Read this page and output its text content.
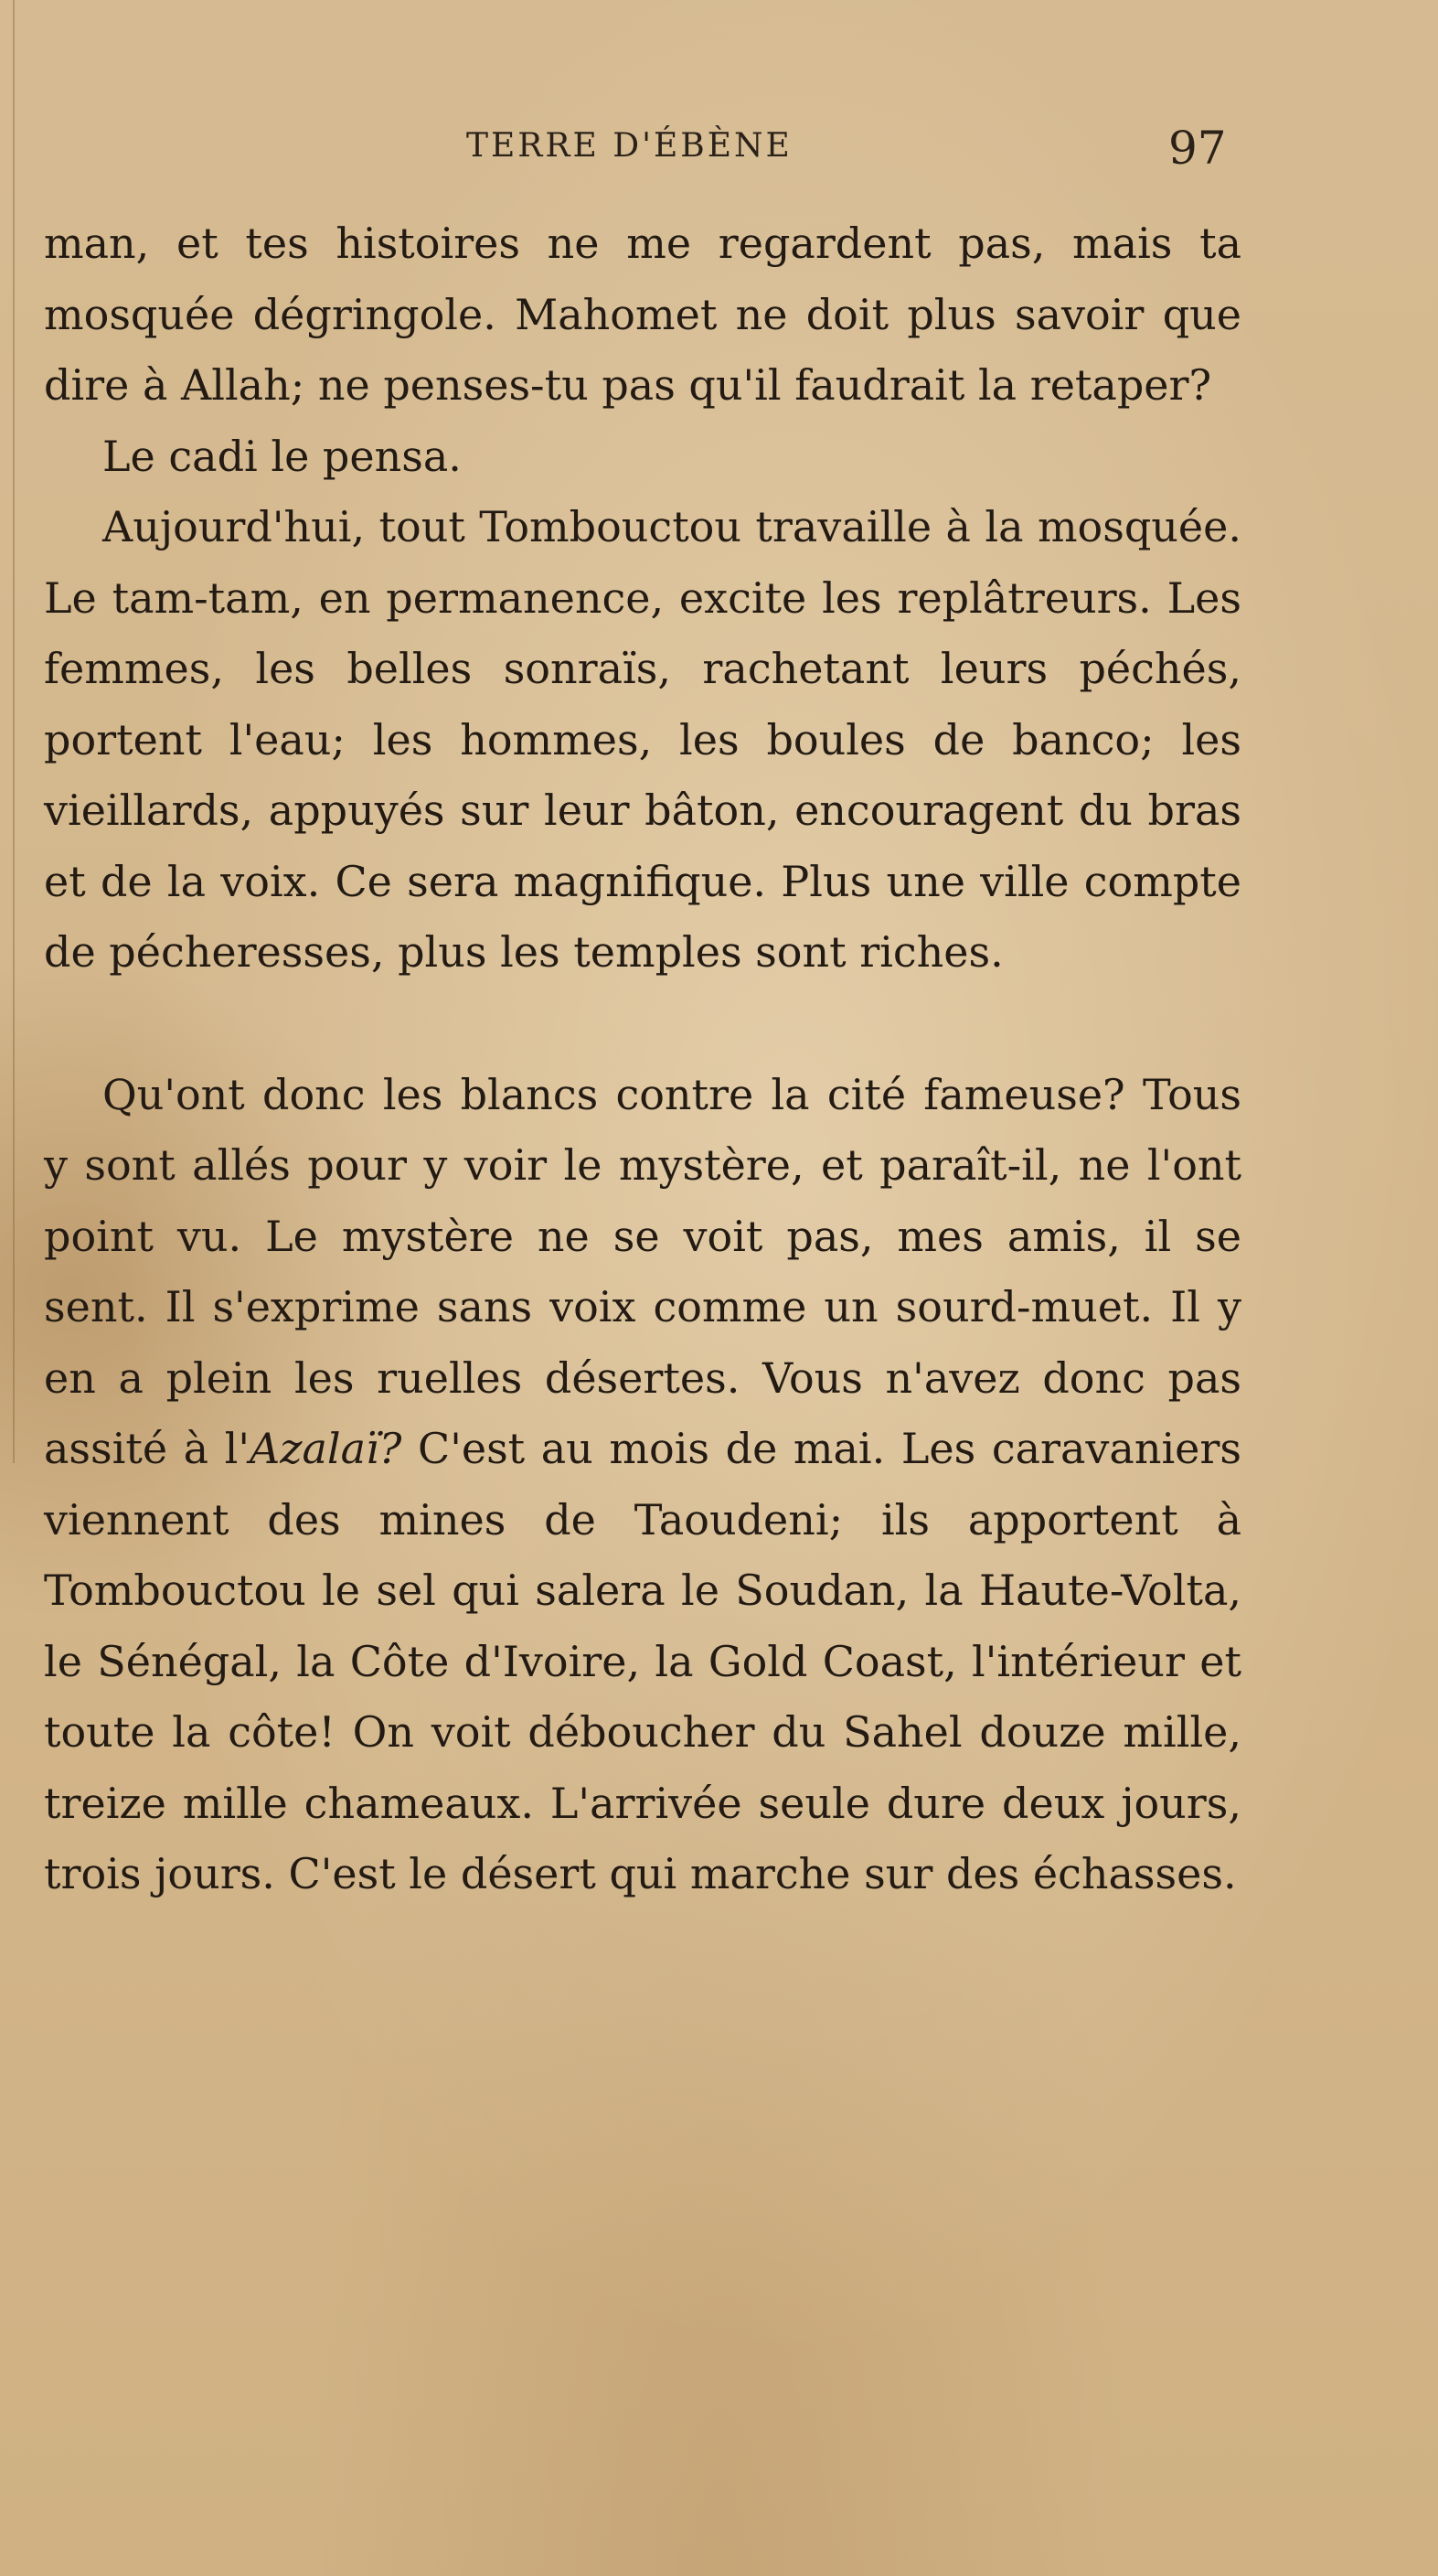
TERRE D'ÉBÈNE	97

man, et tes histoires ne me regardent pas, mais ta mosquée dégringole. Mahomet ne doit plus savoir que dire à Allah; ne penses-tu pas qu'il faudrait la retaper?

Le cadi le pensa.

Aujourd'hui, tout Tombouctou travaille à la mosquée. Le tam-tam, en permanence, excite les replâtreurs. Les femmes, les belles sonraïs, rachetant leurs péchés, portent l'eau; les hommes, les boules de banco; les vieillards, appuyés sur leur bâton, encouragent du bras et de la voix. Ce sera magnifique. Plus une ville compte de pécheresses, plus les temples sont riches.

Qu'ont donc les blancs contre la cité fameuse? Tous y sont allés pour y voir le mystère, et paraît-il, ne l'ont point vu. Le mystère ne se voit pas, mes amis, il se sent. Il s'exprime sans voix comme un sourd-muet. Il y en a plein les ruelles désertes. Vous n'avez donc pas assité à l'Azalaï? C'est au mois de mai. Les caravaniers viennent des mines de Taoudeni; ils apportent à Tombouctou le sel qui salera le Soudan, la Haute-Volta, le Sénégal, la Côte d'Ivoire, la Gold Coast, l'intérieur et toute la côte! On voit déboucher du Sahel douze mille, treize mille chameaux. L'arrivée seule dure deux jours, trois jours. C'est le désert qui marche sur des échasses.
